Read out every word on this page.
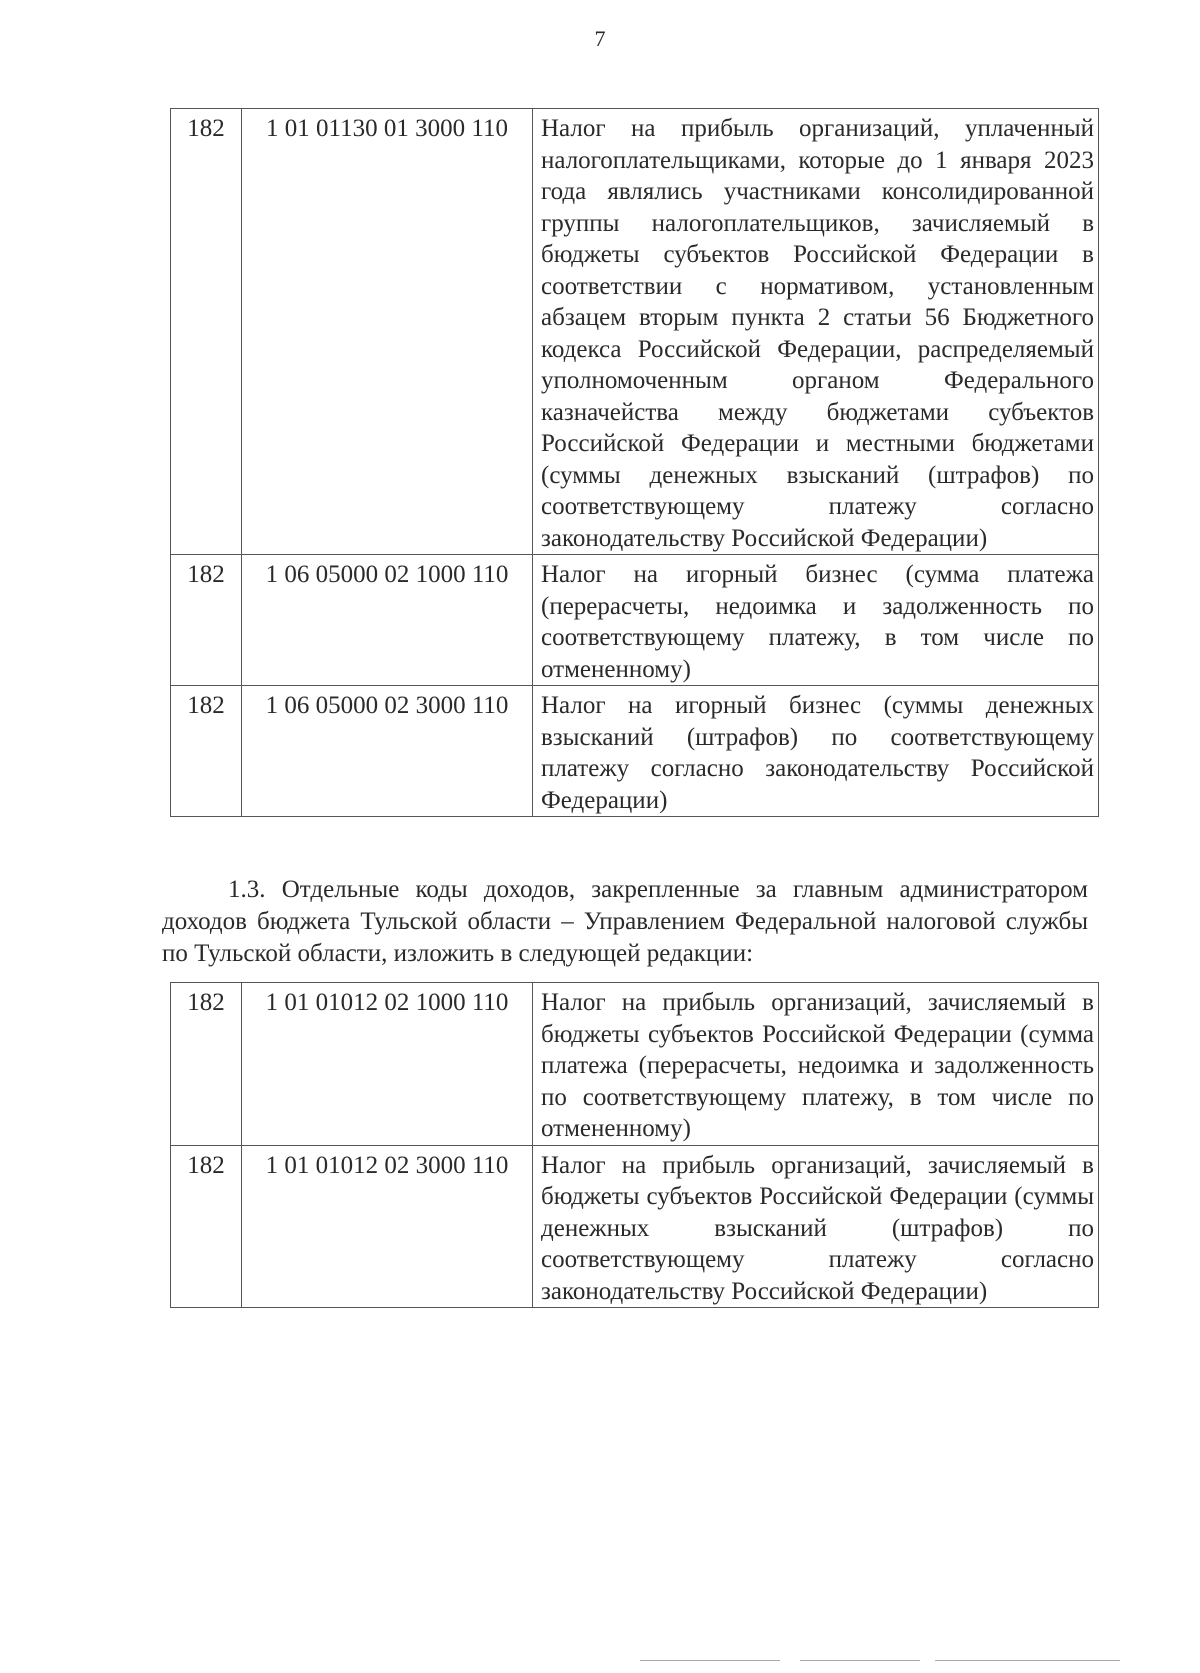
7
182	1 01 01130 01 3000 110	Налог на прибыль организаций, уплаченный налогоплательщиками, которые до 1 января 2023 года являлись участниками консолидированной группы налогоплательщиков, зачисляемый в бюджеты субъектов Российской Федерации в соответствии с нормативом, установленным абзацем вторым пункта 2 статьи 56 Бюджетного кодекса Российской Федерации, распределяемый уполномоченным органом Федерального казначейства между бюджетами субъектов Российской Федерации и местными бюджетами (суммы денежных взысканий (штрафов) по соответствующему платежу согласно законодательству Российской Федерации)
182	1 06 05000 02 1000 110	Налог на игорный бизнес (сумма платежа (перерасчеты, недоимка и задолженность по соответствующему платежу, в том числе по отмененному)
182	1 06 05000 02 3000 110	Налог на игорный бизнес (суммы денежных взысканий (штрафов) по соответствующему платежу согласно законодательству Российской Федерации)

1.3. Отдельные коды доходов, закрепленные за главным администратором доходов бюджета Тульской области – Управлением Федеральной налоговой службы по Тульской области, изложить в следующей редакции:

182	1 01 01012 02 1000 110	Налог на прибыль организаций, зачисляемый в бюджеты субъектов Российской Федерации (сумма платежа (перерасчеты, недоимка и задолженность по соответствующему платежу, в том числе по отмененному)
182	1 01 01012 02 3000 110	Налог на прибыль организаций, зачисляемый в бюджеты субъектов Российской Федерации (суммы денежных взысканий (штрафов) по соответствующему платежу согласно законодательству Российской Федерации)
